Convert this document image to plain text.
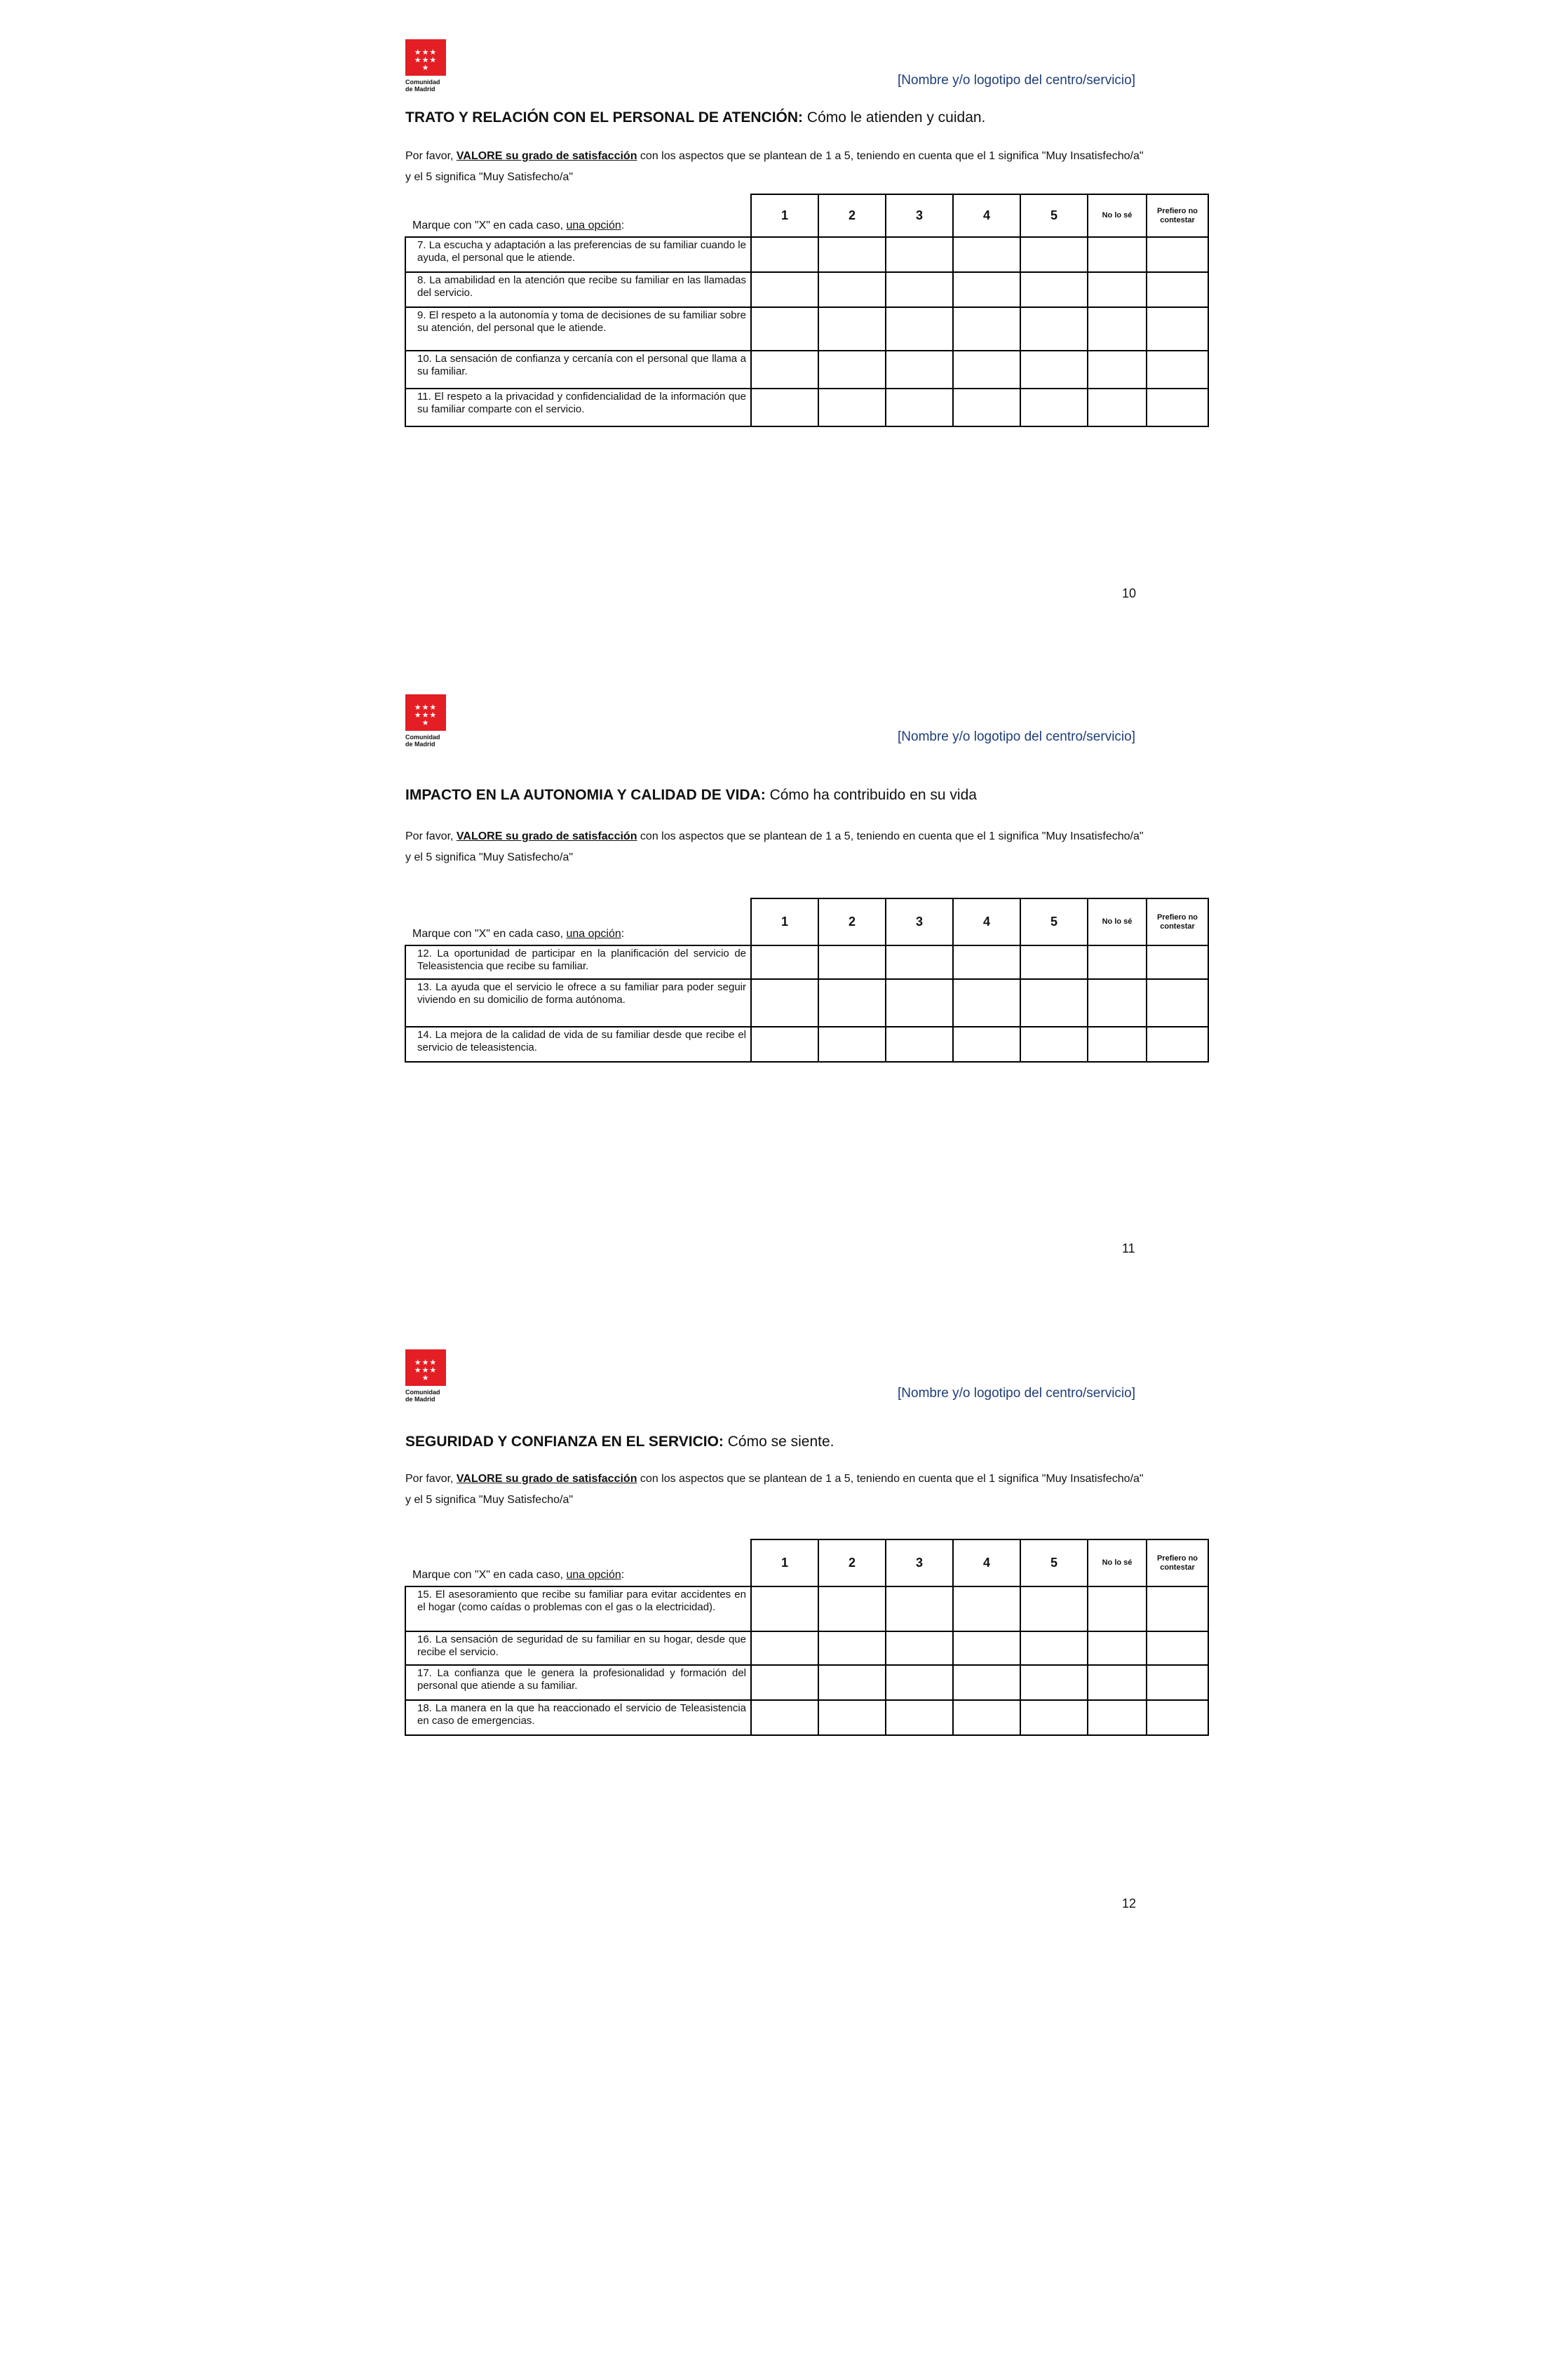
★★★ ★★★ ★
Comunidad
de Madrid
[Nombre y/o logotipo del centro/servicio]
TRATO Y RELACIÓN CON EL PERSONAL DE ATENCIÓN: Cómo le atienden y cuidan.
Por favor, VALORE su grado de satisfacción con los aspectos que se plantean de 1 a 5, teniendo en cuenta que el 1 significa "Muy Insatisfecho/a" y el 5 significa "Muy Satisfecho/a"
Marque con "X" en cada caso, una opción:	1	2	3	4	5	No lo sé	Prefiero no contestar
7. La escucha y adaptación a las preferencias de su familiar cuando le ayuda, el personal que le atiende.							
8. La amabilidad en la atención que recibe su familiar en las llamadas del servicio.							
9. El respeto a la autonomía y toma de decisiones de su familiar sobre su atención, del personal que le atiende.							
10. La sensación de confianza y cercanía con el personal que llama a su familiar.							
11. El respeto a la privacidad y confidencialidad de la información que su familiar comparte con el servicio.							
10
★★★ ★★★ ★
Comunidad
de Madrid	[Nombre y/o logotipo del centro/servicio]
IMPACTO EN LA AUTONOMIA Y CALIDAD DE VIDA: Cómo ha contribuido en su vida
Por favor, VALORE su grado de satisfacción con los aspectos que se plantean de 1 a 5, teniendo en cuenta que el 1 significa "Muy Insatisfecho/a" y el 5 significa "Muy Satisfecho/a"
Marque con "X" en cada caso, una opción:	1	2	3	4	5	No lo sé	Prefiero no contestar
12. La oportunidad de participar en la planificación del servicio de Teleasistencia que recibe su familiar.							
13. La ayuda que el servicio le ofrece a su familiar para poder seguir viviendo en su domicilio de forma autónoma.							
14. La mejora de la calidad de vida de su familiar desde que recibe el servicio de teleasistencia.							
11
★★★ ★★★ ★
Comunidad
de Madrid	[Nombre y/o logotipo del centro/servicio]
SEGURIDAD Y CONFIANZA EN EL SERVICIO: Cómo se siente.
Por favor, VALORE su grado de satisfacción con los aspectos que se plantean de 1 a 5, teniendo en cuenta que el 1 significa "Muy Insatisfecho/a" y el 5 significa "Muy Satisfecho/a"
Marque con "X" en cada caso, una opción:	1	2	3	4	5	No lo sé	Prefiero no contestar
15. El asesoramiento que recibe su familiar para evitar accidentes en el hogar (como caídas o problemas con el gas o la electricidad).							
16. La sensación de seguridad de su familiar en su hogar, desde que recibe el servicio.							
17. La confianza que le genera la profesionalidad y formación del personal que atiende a su familiar.							
18. La manera en la que ha reaccionado el servicio de Teleasistencia en caso de emergencias.							
12
